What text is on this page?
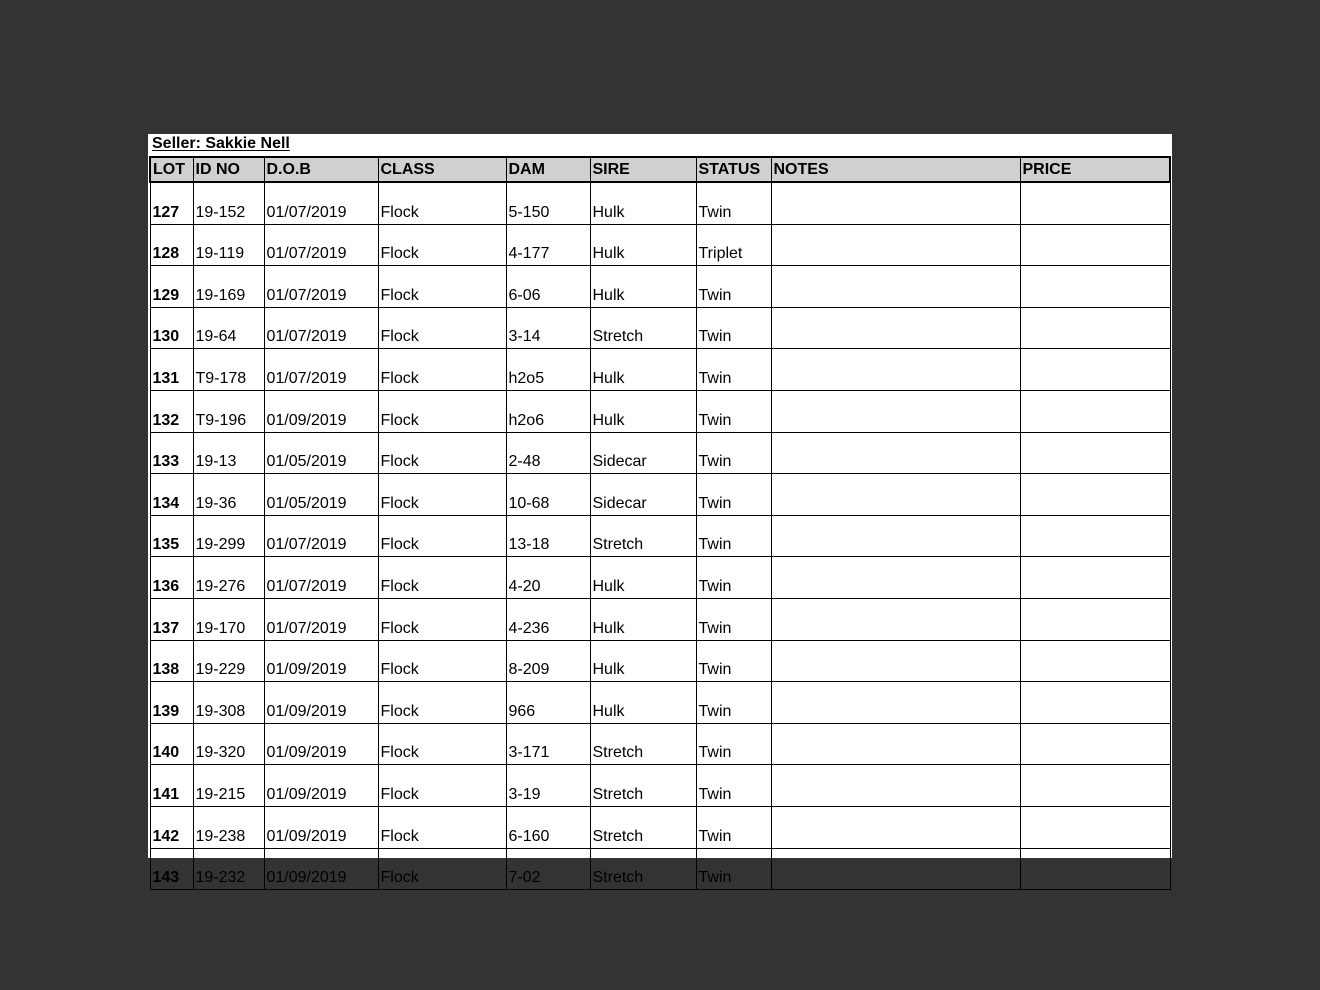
Seller: Sakkie Nell
LOT	ID NO	D.O.B	CLASS	DAM	SIRE	STATUS	NOTES	PRICE
127	19-152	01/07/2019	Flock	5-150	Hulk	Twin		
128	19-119	01/07/2019	Flock	4-177	Hulk	Triplet		
129	19-169	01/07/2019	Flock	6-06	Hulk	Twin		
130	19-64	01/07/2019	Flock	3-14	Stretch	Twin		
131	T9-178	01/07/2019	Flock	h2o5	Hulk	Twin		
132	T9-196	01/09/2019	Flock	h2o6	Hulk	Twin		
133	19-13	01/05/2019	Flock	2-48	Sidecar	Twin		
134	19-36	01/05/2019	Flock	10-68	Sidecar	Twin		
135	19-299	01/07/2019	Flock	13-18	Stretch	Twin		
136	19-276	01/07/2019	Flock	4-20	Hulk	Twin		
137	19-170	01/07/2019	Flock	4-236	Hulk	Twin		
138	19-229	01/09/2019	Flock	8-209	Hulk	Twin		
139	19-308	01/09/2019	Flock	966	Hulk	Twin		
140	19-320	01/09/2019	Flock	3-171	Stretch	Twin		
141	19-215	01/09/2019	Flock	3-19	Stretch	Twin		
142	19-238	01/09/2019	Flock	6-160	Stretch	Twin		
143	19-232	01/09/2019	Flock	7-02	Stretch	Twin		
